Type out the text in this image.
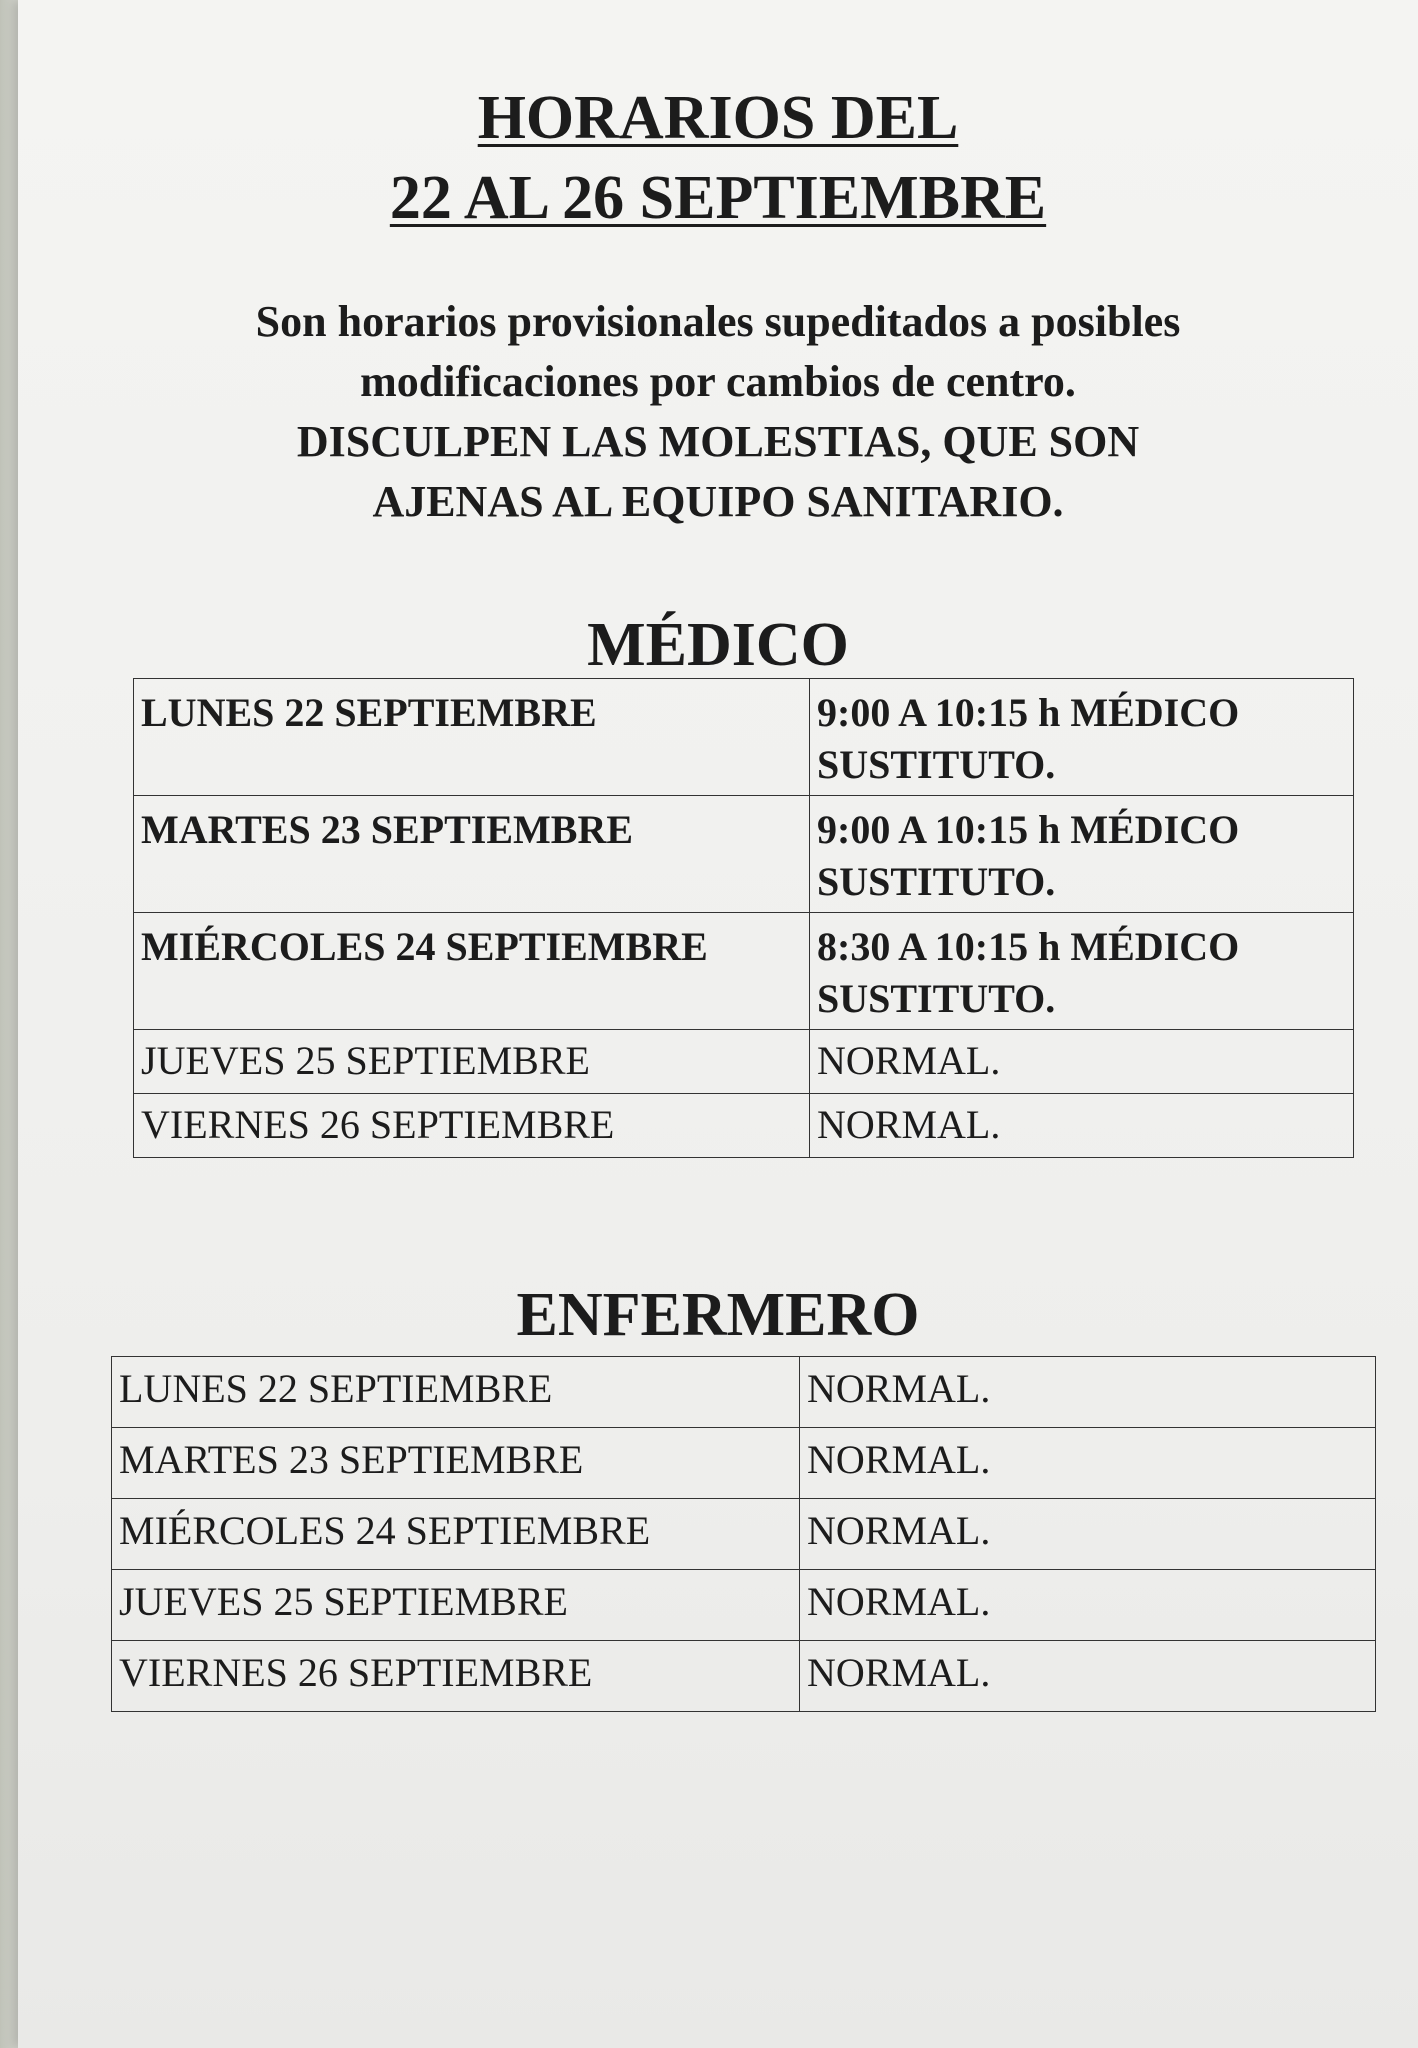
HORARIOS DEL
22 AL 26 SEPTIEMBRE
Son horarios provisionales supeditados a posibles
modificaciones por cambios de centro.
DISCULPEN LAS MOLESTIAS, QUE SON
AJENAS AL EQUIPO SANITARIO.
MÉDICO
LUNES 22 SEPTIEMBRE	9:00 A 10:15 h MÉDICO
SUSTITUTO.

MARTES 23 SEPTIEMBRE	9:00 A 10:15 h MÉDICO
SUSTITUTO.

MIÉRCOLES 24 SEPTIEMBRE	8:30 A 10:15 h MÉDICO
SUSTITUTO.

JUEVES 25 SEPTIEMBRE	NORMAL.
VIERNES 26 SEPTIEMBRE	NORMAL.
ENFERMERO
LUNES 22 SEPTIEMBRE	NORMAL.
MARTES 23 SEPTIEMBRE	NORMAL.
MIÉRCOLES 24 SEPTIEMBRE	NORMAL.
JUEVES 25 SEPTIEMBRE	NORMAL.
VIERNES 26 SEPTIEMBRE	NORMAL.
